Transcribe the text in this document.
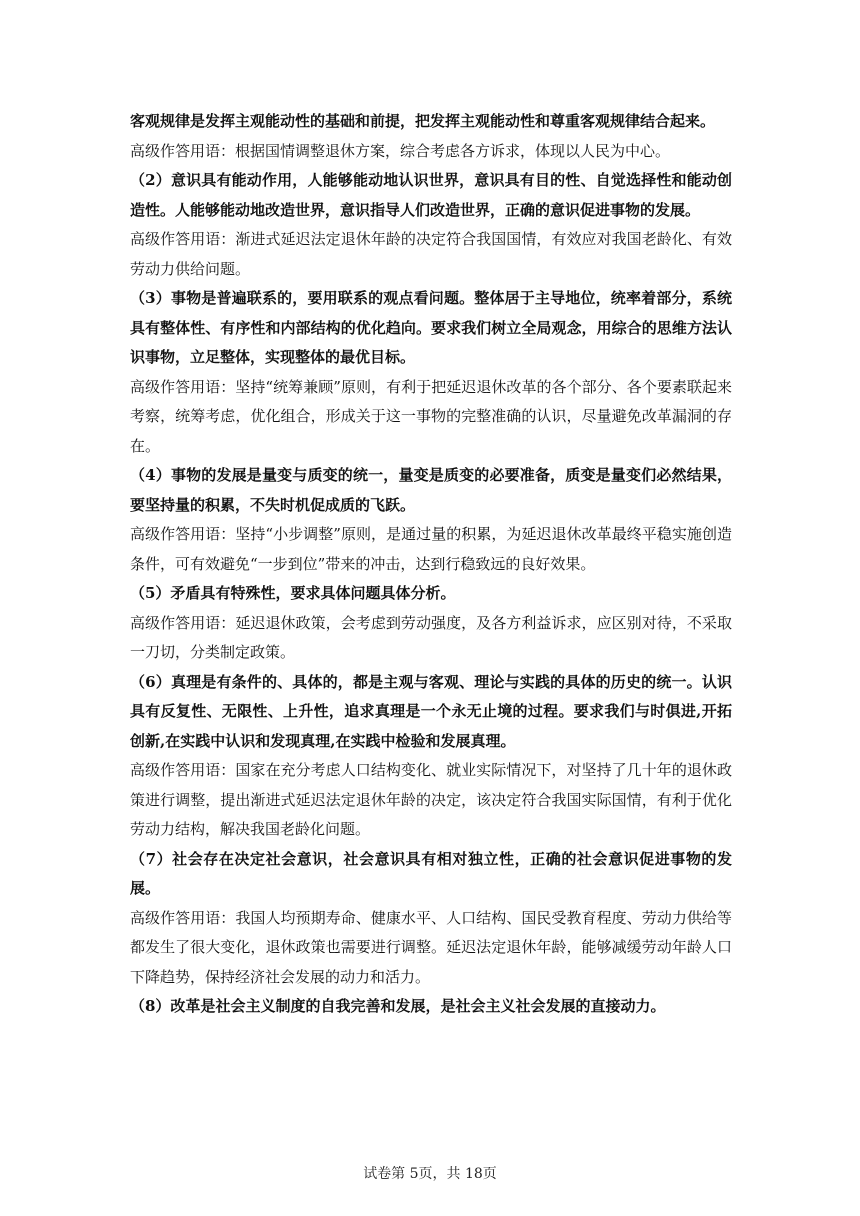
客观规律是发挥主观能动性的基础和前提，把发挥主观能动性和尊重客观规律结合起来。

高级作答用语：根据国情调整退休方案，综合考虑各方诉求，体现以人民为中心。

（2）意识具有能动作用，人能够能动地认识世界，意识具有目的性、自觉选择性和能动创造性。人能够能动地改造世界，意识指导人们改造世界，正确的意识促进事物的发展。

高级作答用语：渐进式延迟法定退休年龄的决定符合我国国情，有效应对我国老龄化、有效劳动力供给问题。

（3）事物是普遍联系的，要用联系的观点看问题。整体居于主导地位，统率着部分，系统具有整体性、有序性和内部结构的优化趋向。要求我们树立全局观念，用综合的思维方法认识事物，立足整体，实现整体的最优目标。

高级作答用语：坚持“统筹兼顾”原则，有利于把延迟退休改革的各个部分、各个要素联起来考察，统筹考虑，优化组合，形成关于这一事物的完整准确的认识，尽量避免改革漏洞的存在。

（4）事物的发展是量变与质变的统一，量变是质变的必要准备，质变是量变们必然结果，要坚持量的积累，不失时机促成质的飞跃。

高级作答用语：坚持“小步调整”原则，是通过量的积累，为延迟退休改革最终平稳实施创造条件，可有效避免“一步到位”带来的冲击，达到行稳致远的良好效果。

（5）矛盾具有特殊性，要求具体问题具体分析。

高级作答用语：延迟退休政策，会考虑到劳动强度，及各方利益诉求，应区别对待，不采取一刀切，分类制定政策。

（6）真理是有条件的、具体的，都是主观与客观、理论与实践的具体的历史的统一。认识具有反复性、无限性、上升性，追求真理是一个永无止境的过程。要求我们与时俱进,开拓创新,在实践中认识和发现真理,在实践中检验和发展真理。

高级作答用语：国家在充分考虑人口结构变化、就业实际情况下，对坚持了几十年的退休政策进行调整，提出渐进式延迟法定退休年龄的决定，该决定符合我国实际国情，有利于优化劳动力结构，解决我国老龄化问题。

（7）社会存在决定社会意识，社会意识具有相对独立性，正确的社会意识促进事物的发展。

高级作答用语：我国人均预期寿命、健康水平、人口结构、国民受教育程度、劳动力供给等都发生了很大变化，退休政策也需要进行调整。延迟法定退休年龄，能够减缓劳动年龄人口下降趋势，保持经济社会发展的动力和活力。

（8）改革是社会主义制度的自我完善和发展，是社会主义社会发展的直接动力。

试卷第 5页，共 18页
